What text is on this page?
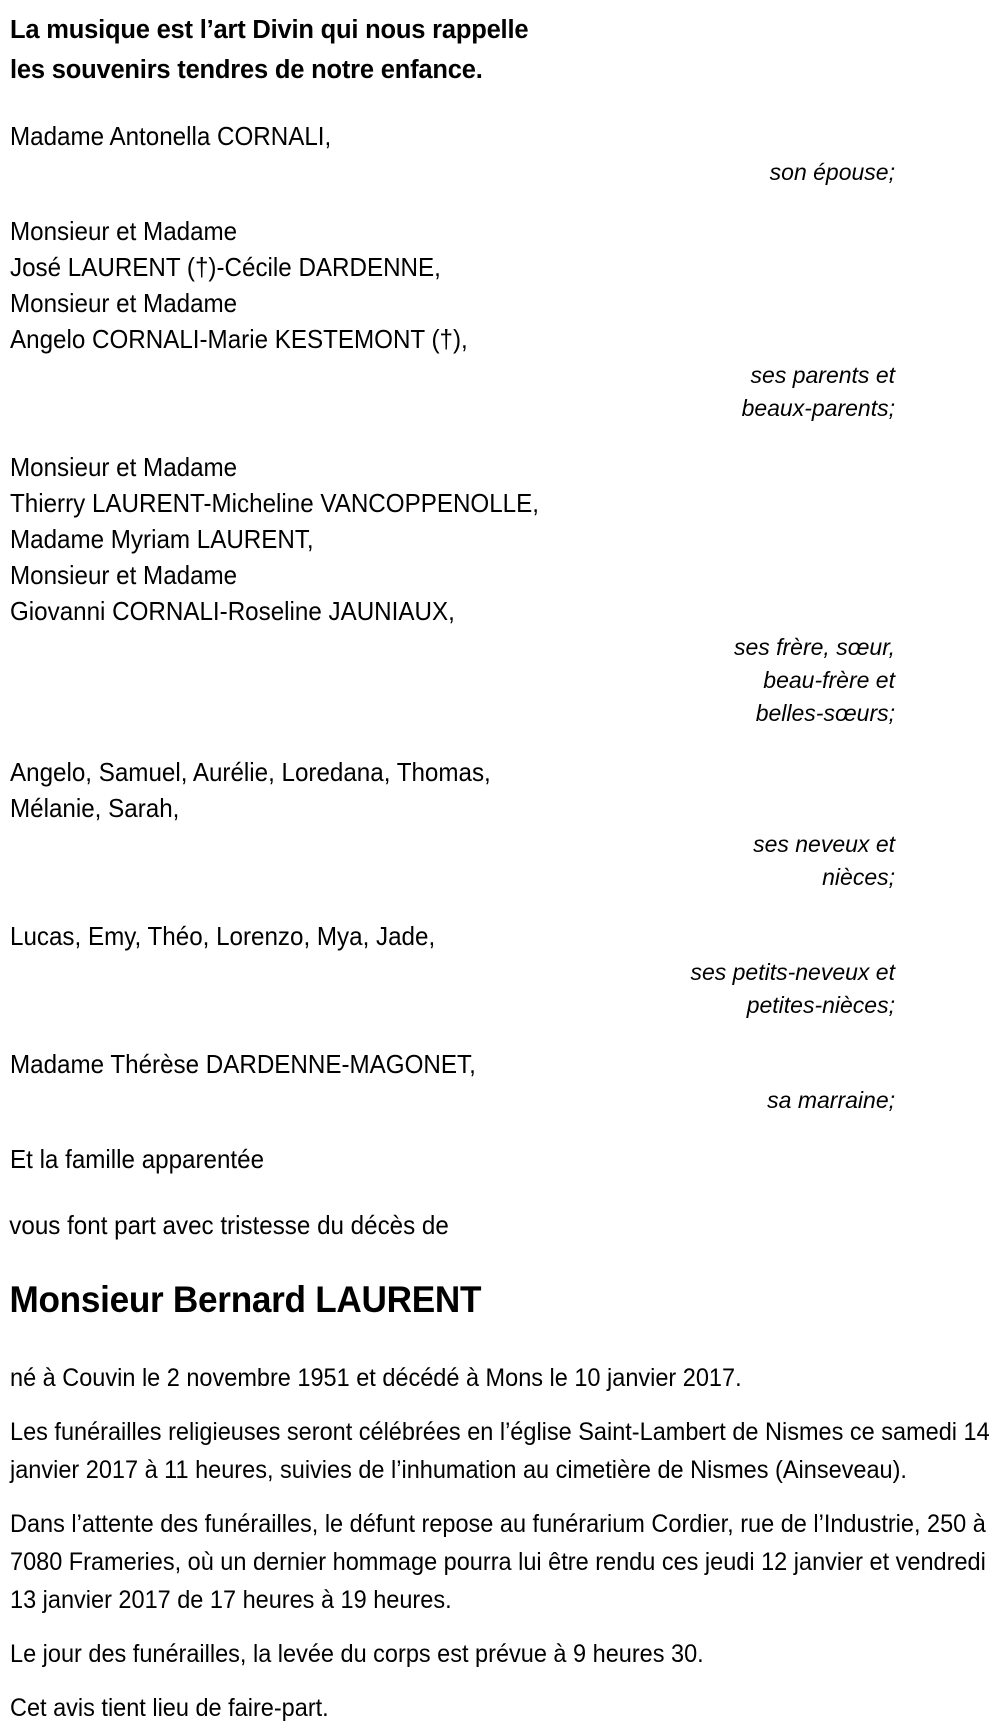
La musique est l’art Divin qui nous rappelle
les souvenirs tendres de notre enfance.
Madame Antonella CORNALI,
son épouse;
Monsieur et Madame
José LAURENT (†)-Cécile DARDENNE,
Monsieur et Madame
Angelo CORNALI-Marie KESTEMONT (†),
ses parents et
beaux-parents;
Monsieur et Madame
Thierry LAURENT-Micheline VANCOPPENOLLE,
Madame Myriam LAURENT,
Monsieur et Madame
Giovanni CORNALI-Roseline JAUNIAUX,
ses frère, sœur,
beau-frère et
belles-sœurs;
Angelo, Samuel, Aurélie, Loredana, Thomas,
Mélanie, Sarah,
ses neveux et
nièces;
Lucas, Emy, Théo, Lorenzo, Mya, Jade,
ses petits-neveux et
petites-nièces;
Madame Thérèse DARDENNE-MAGONET,
sa marraine;
Et la famille apparentée
vous font part avec tristesse du décès de
Monsieur Bernard LAURENT
né à Couvin le 2 novembre 1951 et décédé à Mons le 10 janvier 2017.
Les funérailles religieuses seront célébrées en l’église Saint-Lambert de Nismes ce samedi 14 janvier 2017 à 11 heures, suivies de l’inhumation au cimetière de Nismes (Ainseveau).
Dans l’attente des funérailles, le défunt repose au funérarium Cordier, rue de l’Industrie, 250 à 7080 Frameries, où un dernier hommage pourra lui être rendu ces jeudi 12 janvier et vendredi 13 janvier 2017 de 17 heures à 19 heures.
Le jour des funérailles, la levée du corps est prévue à 9 heures 30.
Cet avis tient lieu de faire-part.
